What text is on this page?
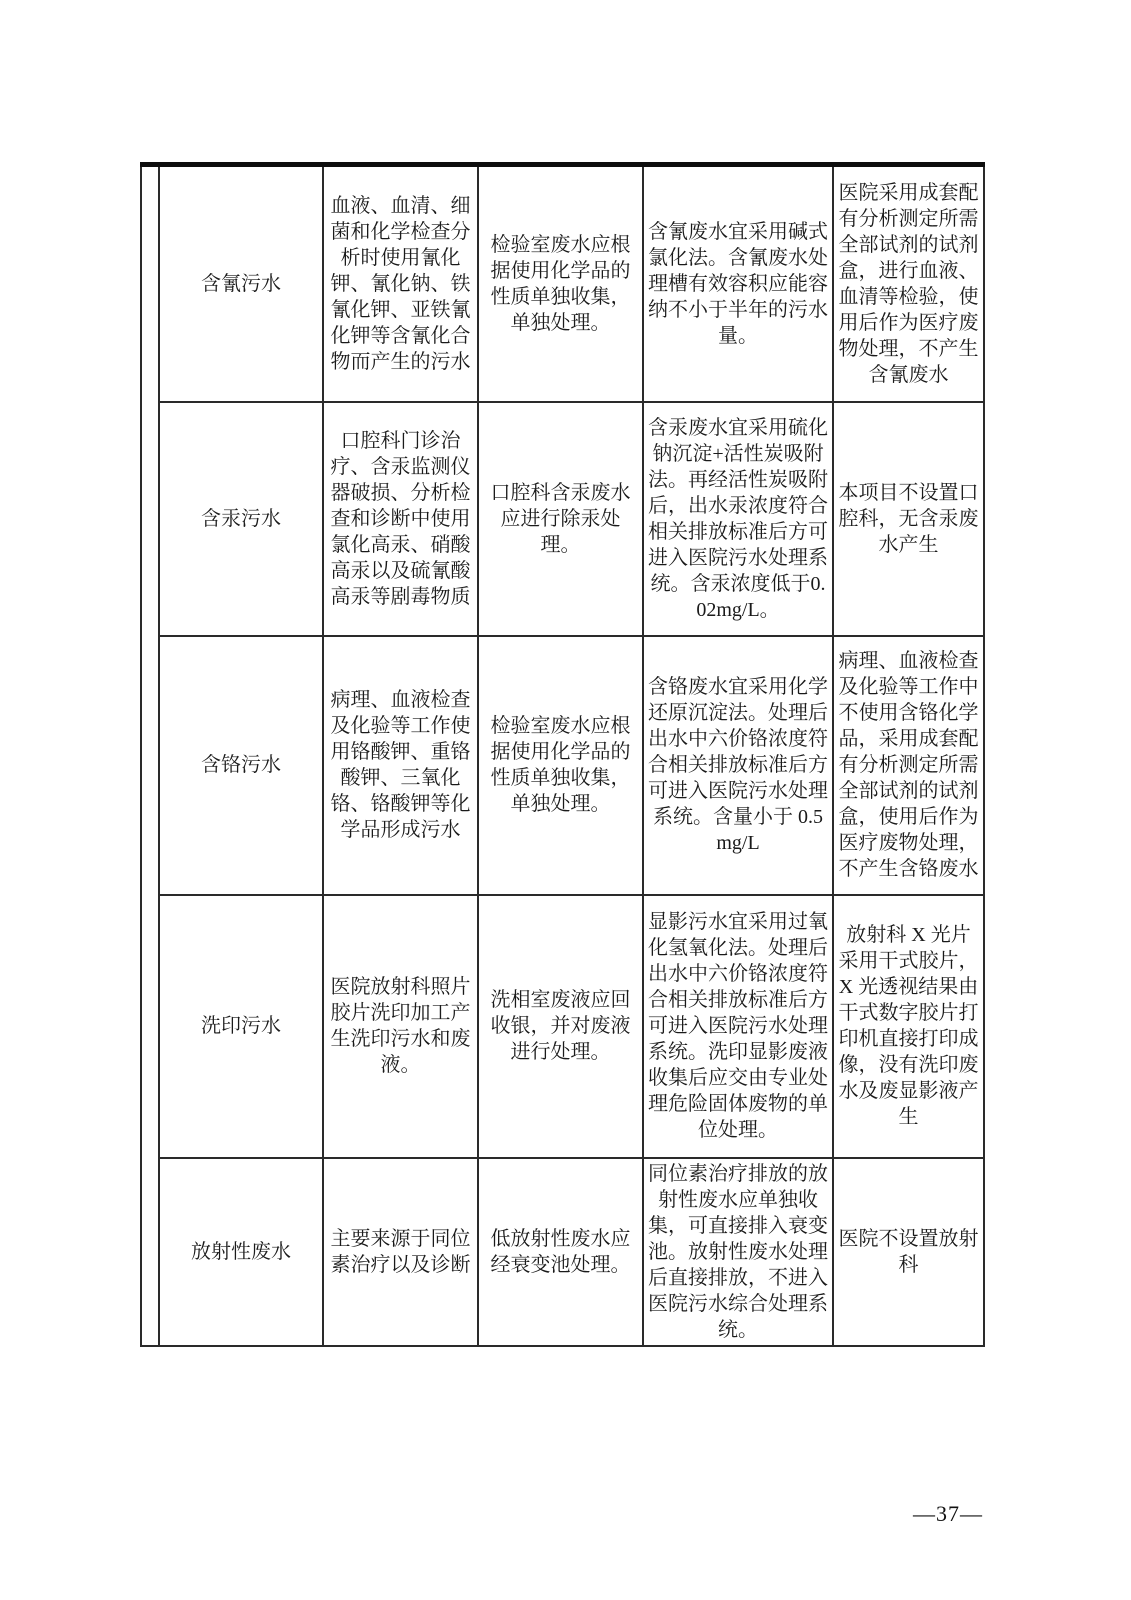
	含氰污水	血液、血清、细菌和化学检查分析时使用氰化钾、氰化钠、铁氰化钾、亚铁氰化钾等含氰化合物而产生的污水	检验室废水应根据使用化学品的性质单独收集，单独处理。	含氰废水宜采用碱式氯化法。含氰废水处理槽有效容积应能容纳不小于半年的污水量。	医院采用成套配有分析测定所需全部试剂的试剂盒，进行血液、血清等检验，使用后作为医疗废物处理，不产生含氰废水
	含汞污水	口腔科门诊治疗、含汞监测仪器破损、分析检查和诊断中使用氯化高汞、硝酸高汞以及硫氰酸高汞等剧毒物质	口腔科含汞废水应进行除汞处理。	含汞废水宜采用硫化钠沉淀+活性炭吸附法。再经活性炭吸附后，出水汞浓度符合相关排放标准后方可进入医院污水处理系统。含汞浓度低于0.02mg/L。	本项目不设置口腔科，无含汞废水产生
	含铬污水	病理、血液检查及化验等工作使用铬酸钾、重铬酸钾、三氧化铬、铬酸钾等化学品形成污水	检验室废水应根据使用化学品的性质单独收集，单独处理。	含铬废水宜采用化学还原沉淀法。处理后出水中六价铬浓度符合相关排放标准后方可进入医院污水处理系统。含量小于 0.5mg/L	病理、血液检查及化验等工作中不使用含铬化学品，采用成套配有分析测定所需全部试剂的试剂盒，使用后作为医疗废物处理，不产生含铬废水
	洗印污水	医院放射科照片胶片洗印加工产生洗印污水和废液。	洗相室废液应回收银，并对废液进行处理。	显影污水宜采用过氧化氢氧化法。处理后出水中六价铬浓度符合相关排放标准后方可进入医院污水处理系统。洗印显影废液收集后应交由专业处理危险固体废物的单位处理。	放射科 X 光片采用干式胶片，X 光透视结果由干式数字胶片打印机直接打印成像，没有洗印废水及废显影液产生
	放射性废水	主要来源于同位素治疗以及诊断	低放射性废水应经衰变池处理。	同位素治疗排放的放射性废水应单独收集，可直接排入衰变池。放射性废水处理后直接排放，不进入医院污水综合处理系统。	医院不设置放射科
—37—
